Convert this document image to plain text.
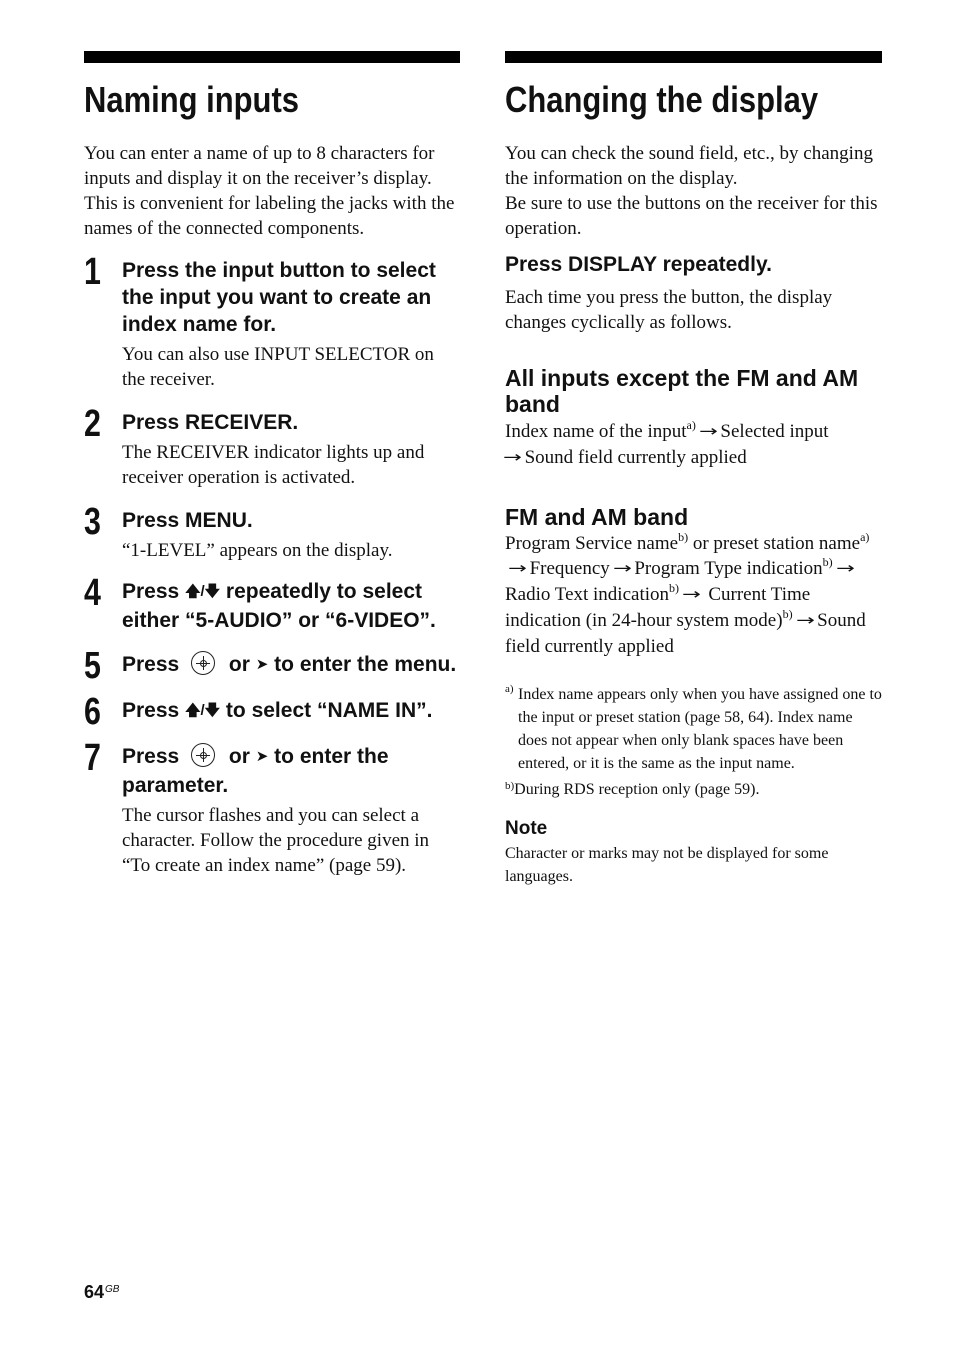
Naming inputs

You can enter a name of up to 8 characters for inputs and display it on the receiver’s display. This is convenient for labeling the jacks with the names of the connected components.

1 Press the input button to select the input you want to create an index name for.
You can also use INPUT SELECTOR on the receiver.
2 Press RECEIVER.
The RECEIVER indicator lights up and receiver operation is activated.
3 Press MENU.
“1-LEVEL” appears on the display.
4 Press 🡅/🡇 repeatedly to select either “5-AUDIO” or “6-VIDEO”.
5 Press or ➤ to enter the menu.
6 Press 🡅/🡇 to select “NAME IN”.
7 Press or ➤ to enter the parameter.
The cursor flashes and you can select a character. Follow the procedure given in “To create an index name” (page 59).
Changing the display
You can check the sound field, etc., by changing the information on the display.
Be sure to use the buttons on the receiver for this operation.
Press DISPLAY repeatedly.
Each time you press the button, the display changes cyclically as follows.
All inputs except the FM and AM band
Index name of the input$^{a)}$ → Selected input
→ Sound field currently applied
FM and AM band
Program Service name$^{b)}$ or preset station name$^{a)}$→ Frequency → Program Type indication$^{b)}$ →Radio Text indication$^{b)}$ → Current Time indication (in 24-hour system mode)$^{b)}$ → Sound field currently applied
a) Index name appears only when you have assigned one to the input or preset station (page 58, 64). Index name does not appear when only blank spaces have been entered, or it is the same as the input name.
$^{b)}$During RDS reception only (page 59).
Note
Character or marks may not be displayed for some languages.
$64^{GB}$
